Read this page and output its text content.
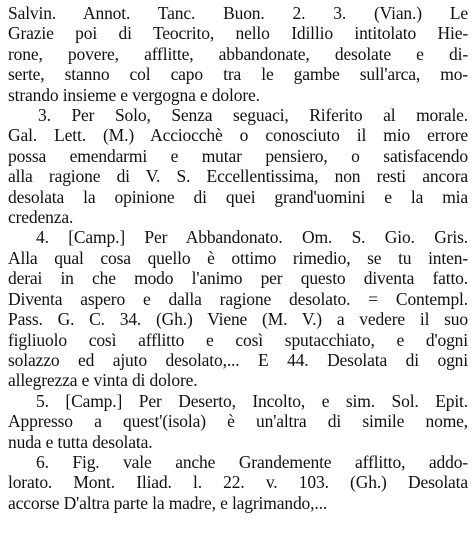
Salvin. Annot. Tanc. Buon. 2. 3. (Vian.) Le
Grazie poi di Teocrito, nello Idillio intitolato Hie-
rone, povere, afflitte, abbandonate, desolate e di-
serte, stanno col capo tra le gambe sull'arca, mo-
strando insieme e vergogna e dolore.
3. Per Solo, Senza seguaci, Riferito al morale.
Gal. Lett. (M.) Acciocchè o conosciuto il mio errore
possa emendarmi e mutar pensiero, o satisfacendo
alla ragione di V. S. Eccellentissima, non resti ancora
desolata la opinione di quei grand'uomini e la mia
credenza.
4. [Camp.] Per Abbandonato. Om. S. Gio. Gris.
Alla qual cosa quello è ottimo rimedio, se tu inten-
derai in che modo l'animo per questo diventa fatto.
Diventa aspero e dalla ragione desolato. = Contempl.
Pass. G. C. 34. (Gh.) Viene (M. V.) a vedere il suo
figliuolo così afflitto e così sputacchiato, e d'ogni
solazzo ed ajuto desolato,... E 44. Desolata di ogni
allegrezza e vinta di dolore.
5. [Camp.] Per Deserto, Incolto, e sim. Sol. Epit.
Appresso a quest'(isola) è un'altra di simile nome,
nuda e tutta desolata.
6. Fig. vale anche Grandemente afflitto, addo-
lorato. Mont. Iliad. l. 22. v. 103. (Gh.) Desolata
accorse D'altra parte la madre, e lagrimando,...
